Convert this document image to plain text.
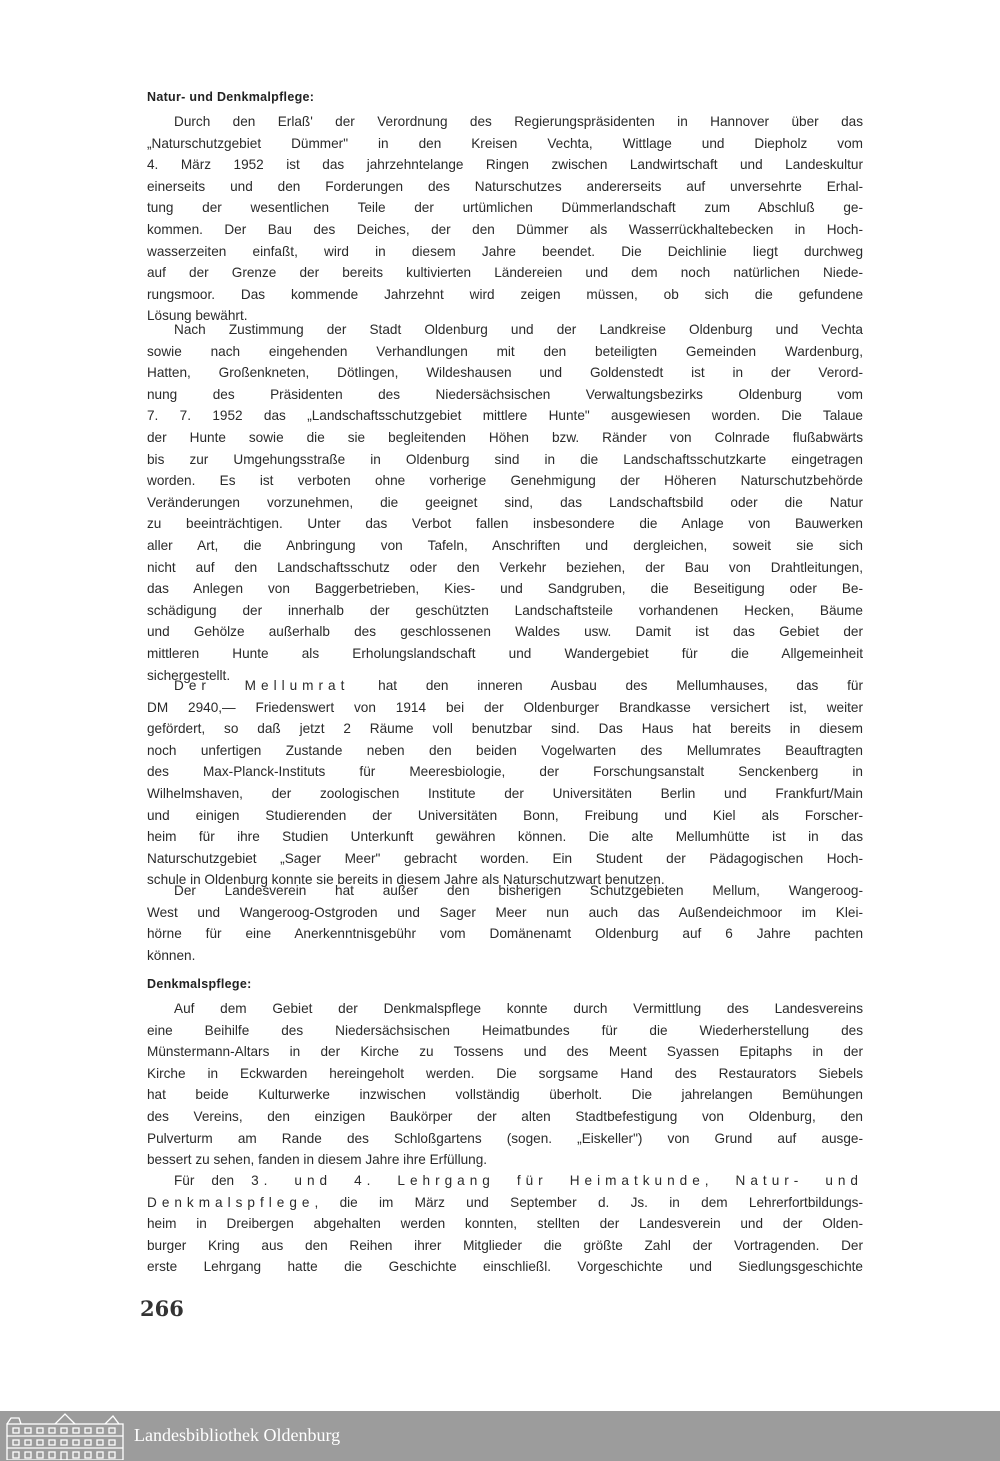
Natur- und Denkmalpflege:
Durch den Erlaß' der Verordnung des Regierungspräsidenten in Hannover über das
„Naturschutzgebiet Dümmer" in den Kreisen Vechta, Wittlage und Diepholz vom
4. März 1952 ist das jahrzehntelange Ringen zwischen Landwirtschaft und Landeskultur
einerseits und den Forderungen des Naturschutzes andererseits auf unversehrte Erhal-
tung der wesentlichen Teile der urtümlichen Dümmerlandschaft zum Abschluß ge-
kommen. Der Bau des Deiches, der den Dümmer als Wasserrückhaltebecken in Hoch-
wasserzeiten einfaßt, wird in diesem Jahre beendet. Die Deichlinie liegt durchweg
auf der Grenze der bereits kultivierten Ländereien und dem noch natürlichen Niede-
rungsmoor. Das kommende Jahrzehnt wird zeigen müssen, ob sich die gefundene
Lösung bewährt.
Nach Zustimmung der Stadt Oldenburg und der Landkreise Oldenburg und Vechta
sowie nach eingehenden Verhandlungen mit den beteiligten Gemeinden Wardenburg,
Hatten, Großenkneten, Dötlingen, Wildeshausen und Goldenstedt ist in der Verord-
nung des Präsidenten des Niedersächsischen Verwaltungsbezirks Oldenburg vom
7. 7. 1952 das „Landschaftsschutzgebiet mittlere Hunte" ausgewiesen worden. Die Talaue
der Hunte sowie die sie begleitenden Höhen bzw. Ränder von Colnrade flußabwärts
bis zur Umgehungsstraße in Oldenburg sind in die Landschaftsschutzkarte eingetragen
worden. Es ist verboten ohne vorherige Genehmigung der Höheren Naturschutzbehörde
Veränderungen vorzunehmen, die geeignet sind, das Landschaftsbild oder die Natur
zu beeinträchtigen. Unter das Verbot fallen insbesondere die Anlage von Bauwerken
aller Art, die Anbringung von Tafeln, Anschriften und dergleichen, soweit sie sich
nicht auf den Landschaftsschutz oder den Verkehr beziehen, der Bau von Drahtleitungen,
das Anlegen von Baggerbetrieben, Kies- und Sandgruben, die Beseitigung oder Be-
schädigung der innerhalb der geschützten Landschaftsteile vorhandenen Hecken, Bäume
und Gehölze außerhalb des geschlossenen Waldes usw. Damit ist das Gebiet der
mittleren Hunte als Erholungslandschaft und Wandergebiet für die Allgemeinheit
sichergestellt.
Der Mellumrat hat den inneren Ausbau des Mellumhauses, das für
DM 2940,— Friedenswert von 1914 bei der Oldenburger Brandkasse versichert ist, weiter
gefördert, so daß jetzt 2 Räume voll benutzbar sind. Das Haus hat bereits in diesem
noch unfertigen Zustande neben den beiden Vogelwarten des Mellumrates Beauftragten
des Max-Planck-Instituts für Meeresbiologie, der Forschungsanstalt Senckenberg in
Wilhelmshaven, der zoologischen Institute der Universitäten Berlin und Frankfurt/Main
und einigen Studierenden der Universitäten Bonn, Freibung und Kiel als Forscher-
heim für ihre Studien Unterkunft gewähren können. Die alte Mellumhütte ist in das
Naturschutzgebiet „Sager Meer" gebracht worden. Ein Student der Pädagogischen Hoch-
schule in Oldenburg konnte sie bereits in diesem Jahre als Naturschutzwart benutzen.
Der Landesverein hat außer den bisherigen Schutzgebieten Mellum, Wangeroog-
West und Wangeroog-Ostgroden und Sager Meer nun auch das Außendeichmoor im Klei-
hörne für eine Anerkenntnisgebühr vom Domänenamt Oldenburg auf 6 Jahre pachten
können.
Denkmalspflege:
Auf dem Gebiet der Denkmalspflege konnte durch Vermittlung des Landesvereins
eine Beihilfe des Niedersächsischen Heimatbundes für die Wiederherstellung des
Münstermann-Altars in der Kirche zu Tossens und des Meent Syassen Epitaphs in der
Kirche in Eckwarden hereingeholt werden. Die sorgsame Hand des Restaurators Siebels
hat beide Kulturwerke inzwischen vollständig überholt. Die jahrelangen Bemühungen
des Vereins, den einzigen Baukörper der alten Stadtbefestigung von Oldenburg, den
Pulverturm am Rande des Schloßgartens (sogen. „Eiskeller") von Grund auf ausge-
bessert zu sehen, fanden in diesem Jahre ihre Erfüllung.
Für den 3. und 4. Lehrgang für Heimatkunde, Natur- und
Denkmalspflege, die im März und September d. Js. in dem Lehrerfortbildungs-
heim in Dreibergen abgehalten werden konnten, stellten der Landesverein und der Olden-
burger Kring aus den Reihen ihrer Mitglieder die größte Zahl der Vortragenden. Der
erste Lehrgang hatte die Geschichte einschließl. Vorgeschichte und Siedlungsgeschichte
266
Landesbibliothek Oldenburg
